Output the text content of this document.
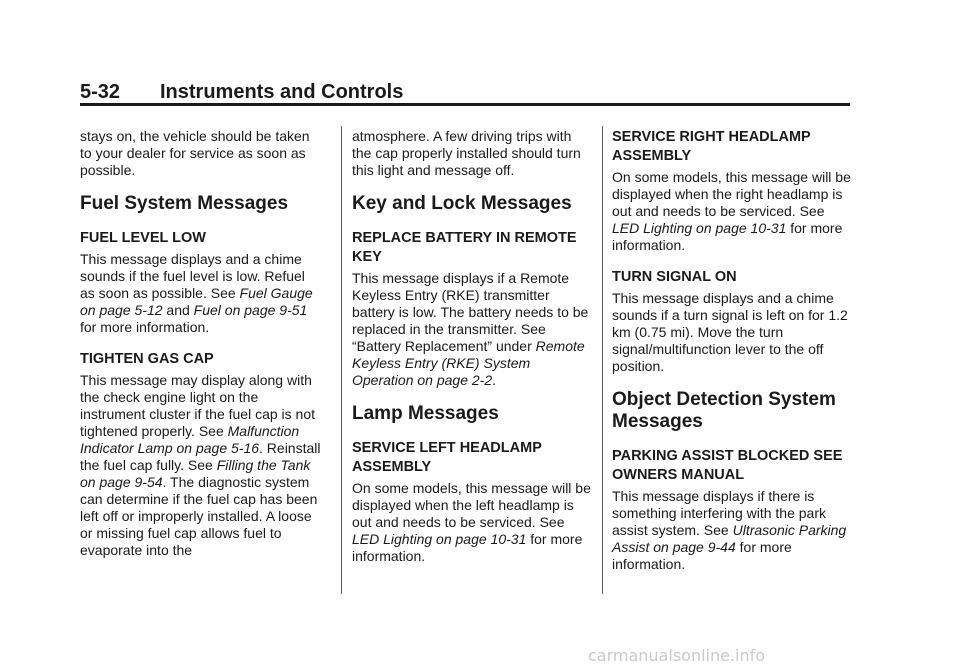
5-32 Instruments and Controls

stays on, the vehicle should be taken to your dealer for service as soon as possible.

Fuel System Messages
FUEL LEVEL LOW

This message displays and a chime sounds if the fuel level is low. Refuel as soon as possible. See Fuel Gauge on page 5-12 and Fuel on page 9-51 for more information.

TIGHTEN GAS CAP

This message may display along with the check engine light on the instrument cluster if the fuel cap is not tightened properly. See Malfunction Indicator Lamp on page 5-16. Reinstall the fuel cap fully. See Filling the Tank on page 9-54. The diagnostic system can determine if the fuel cap has been left off or improperly installed. A loose or missing fuel cap allows fuel to evaporate into the

atmosphere. A few driving trips with the cap properly installed should turn this light and message off.

Key and Lock Messages
REPLACE BATTERY IN REMOTE KEY

This message displays if a Remote Keyless Entry (RKE) transmitter battery is low. The battery needs to be replaced in the transmitter. See “Battery Replacement” under Remote Keyless Entry (RKE) System Operation on page 2-2.

Lamp Messages
SERVICE LEFT HEADLAMP ASSEMBLY

On some models, this message will be displayed when the left headlamp is out and needs to be serviced. See LED Lighting on page 10-31 for more information.

SERVICE RIGHT HEADLAMP ASSEMBLY

On some models, this message will be displayed when the right headlamp is out and needs to be serviced. See LED Lighting on page 10-31 for more information.

TURN SIGNAL ON

This message displays and a chime sounds if a turn signal is left on for 1.2 km (0.75 mi). Move the turn signal/multifunction lever to the off position.

Object Detection System Messages
PARKING ASSIST BLOCKED SEE OWNERS MANUAL

This message displays if there is something interfering with the park assist system. See Ultrasonic Parking Assist on page 9-44 for more information.

carmanualsonline.info
